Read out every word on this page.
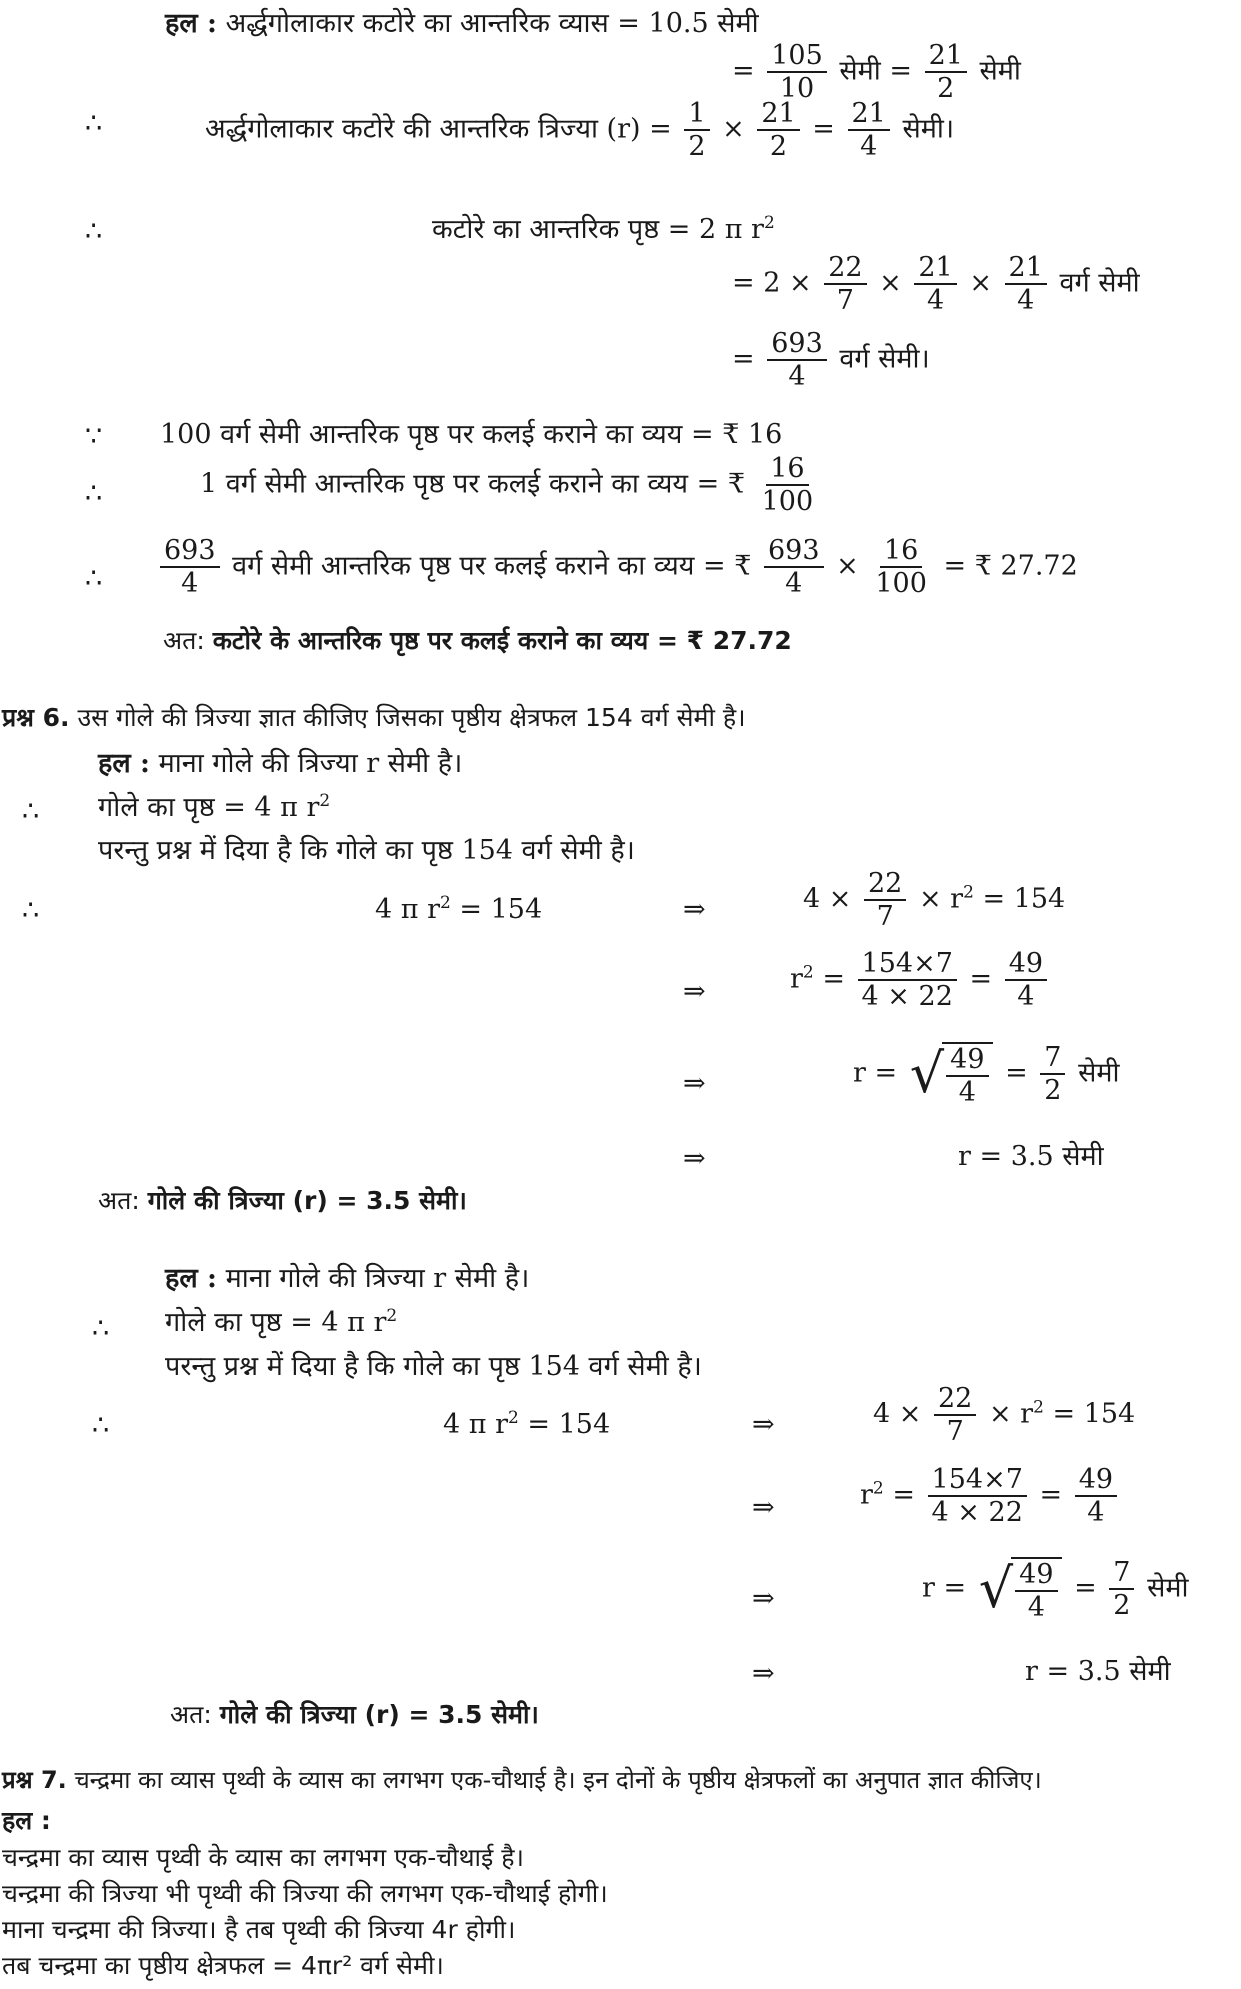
हल : अर्द्धगोलाकार कटोरे का आन्तरिक व्यास = 10.5 सेमी
= $\frac{105}{10}$ सेमी = $\frac{21}{2}$ सेमी
∴	अर्द्धगोलाकार कटोरे की आन्तरिक त्रिज्या $(r) = \frac{1}{2} \times \frac{21}{2} = \frac{21}{4}$ सेमी।
∴	कटोरे का आन्तरिक पृष्ठ = 2 π $r^2$
= $2 \times \frac{22}{7} \times \frac{21}{4} \times \frac{21}{4}$ वर्ग सेमी
= $\frac{693}{4}$ वर्ग सेमी।
∵ 100 वर्ग सेमी आन्तरिक पृष्ठ पर कलई कराने का व्यय = ₹ 16
∴	1 वर्ग सेमी आन्तरिक पृष्ठ पर कलई कराने का व्यय = ₹ $\frac{16}{100}$
∴ $\frac{693}{4}$ वर्ग सेमी आन्तरिक पृष्ठ पर कलई कराने का व्यय = ₹ $\frac{693}{4} \times \frac{16}{100}$ = ₹ 27.72
अत: कटोरे के आन्तरिक पृष्ठ पर कलई कराने का व्यय = ₹ 27.72
प्रश्न 6. उस गोले की त्रिज्या ज्ञात कीजिए जिसका पृष्ठीय क्षेत्रफल 154 वर्ग सेमी है।
हल : माना गोले की त्रिज्या r सेमी है।
∴ गोले का पृष्ठ = 4 π $r^2$
परन्तु प्रश्न में दिया है कि गोले का पृष्ठ 154 वर्ग सेमी है।
∴	4 π $r^2 = 154$	⇒	$4 \times \frac{22}{7} \times r^2 = 154$
⇒	$r^2 = \frac{154\times 7}{4 \times 22} = \frac{49}{4}$
⇒	r = √ $\frac{49}{4} = \frac{7}{2}$ सेमी
⇒	r = 3.5 सेमी
अत: गोले की त्रिज्या (r) = 3.5 सेमी।
हल : माना गोले की त्रिज्या r सेमी है।
∴ गोले का पृष्ठ = 4 π $r^2$
परन्तु प्रश्न में दिया है कि गोले का पृष्ठ 154 वर्ग सेमी है।
∴	4 π $r^2 = 154$	⇒	$4 \times \frac{22}{7} \times r^2 = 154$
⇒	$r^2 = \frac{154\times 7}{4 \times 22} = \frac{49}{4}$
⇒	r = √ $\frac{49}{4} = \frac{7}{2}$ सेमी
⇒	r = 3.5 सेमी
अत: गोले की त्रिज्या (r) = 3.5 सेमी।
प्रश्न 7. चन्द्रमा का व्यास पृथ्वी के व्यास का लगभग एक-चौथाई है। इन दोनों के पृष्ठीय क्षेत्रफलों का अनुपात ज्ञात कीजिए।
हल :
चन्द्रमा का व्यास पृथ्वी के व्यास का लगभग एक-चौथाई है।
चन्द्रमा की त्रिज्या भी पृथ्वी की त्रिज्या की लगभग एक-चौथाई होगी।
माना चन्द्रमा की त्रिज्या। है तब पृथ्वी की त्रिज्या 4r होगी।
तब चन्द्रमा का पृष्ठीय क्षेत्रफल = 4πr² वर्ग सेमी।
